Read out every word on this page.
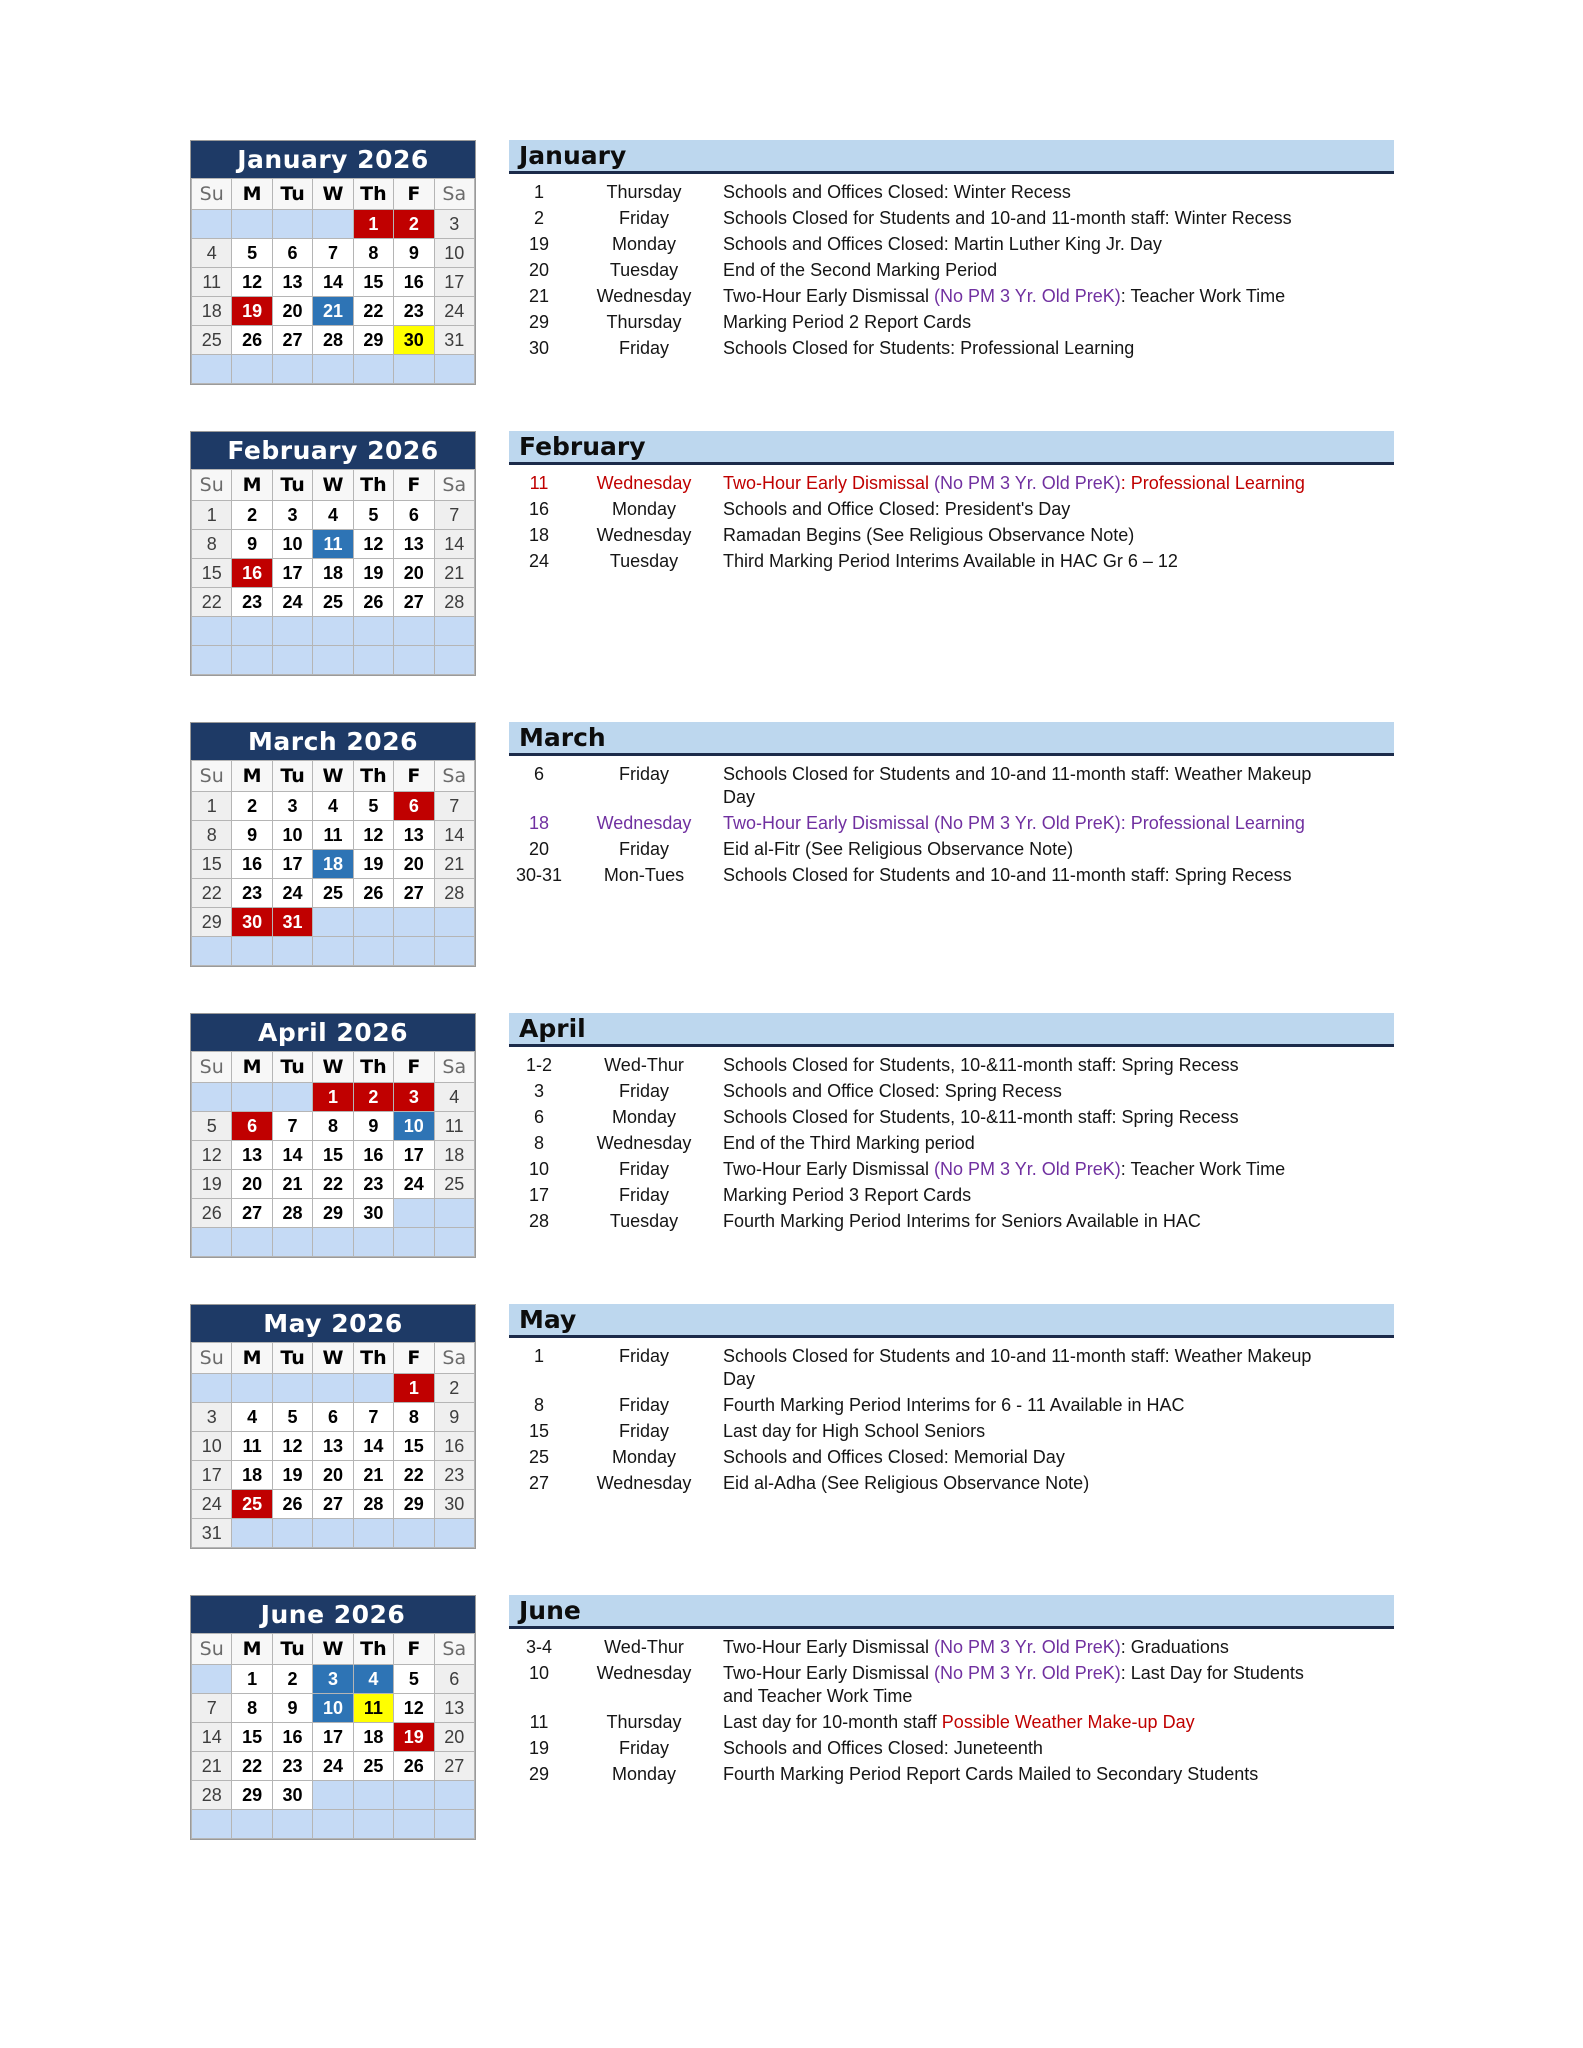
January 2026
Su	M	Tu	W	Th	F	Sa
				1	2	3
4	5	6	7	8	9	10
11	12	13	14	15	16	17
18	19	20	21	22	23	24
25	26	27	28	29	30	31

January
1	Thursday	Schools and Offices Closed: Winter Recess
2	Friday	Schools Closed for Students and 10-and 11-month staff: Winter Recess
19	Monday	Schools and Offices Closed: Martin Luther King Jr. Day
20	Tuesday	End of the Second Marking Period
21	Wednesday	Two-Hour Early Dismissal (No PM 3 Yr. Old PreK): Teacher Work Time
29	Thursday	Marking Period 2 Report Cards
30	Friday	Schools Closed for Students: Professional Learning
February 2026
Su	M	Tu	W	Th	F	Sa
1	2	3	4	5	6	7
8	9	10	11	12	13	14
15	16	17	18	19	20	21
22	23	24	25	26	27	28

February
11	Wednesday	Two-Hour Early Dismissal (No PM 3 Yr. Old PreK): Professional Learning
16	Monday	Schools and Office Closed: President's Day
18	Wednesday	Ramadan Begins (See Religious Observance Note)
24	Tuesday	Third Marking Period Interims Available in HAC Gr 6 – 12
March 2026
Su	M	Tu	W	Th	F	Sa
1	2	3	4	5	6	7
8	9	10	11	12	13	14
15	16	17	18	19	20	21
22	23	24	25	26	27	28
29	30	31				

March
6	Friday	Schools Closed for Students and 10-and 11-month staff: Weather Makeup Day
18	Wednesday	Two-Hour Early Dismissal (No PM 3 Yr. Old PreK): Professional Learning
20	Friday	Eid al-Fitr (See Religious Observance Note)
30-31	Mon-Tues	Schools Closed for Students and 10-and 11-month staff: Spring Recess
April 2026
Su	M	Tu	W	Th	F	Sa
			1	2	3	4
5	6	7	8	9	10	11
12	13	14	15	16	17	18
19	20	21	22	23	24	25
26	27	28	29	30		

April
1-2	Wed-Thur	Schools Closed for Students, 10-&11-month staff: Spring Recess
3	Friday	Schools and Office Closed: Spring Recess
6	Monday	Schools Closed for Students, 10-&11-month staff: Spring Recess
8	Wednesday	End of the Third Marking period
10	Friday	Two-Hour Early Dismissal (No PM 3 Yr. Old PreK): Teacher Work Time
17	Friday	Marking Period 3 Report Cards
28	Tuesday	Fourth Marking Period Interims for Seniors Available in HAC
May 2026
Su	M	Tu	W	Th	F	Sa
					1	2
3	4	5	6	7	8	9
10	11	12	13	14	15	16
17	18	19	20	21	22	23
24	25	26	27	28	29	30
31						
May
1	Friday	Schools Closed for Students and 10-and 11-month staff: Weather Makeup Day
8	Friday	Fourth Marking Period Interims for 6 - 11 Available in HAC
15	Friday	Last day for High School Seniors
25	Monday	Schools and Offices Closed: Memorial Day
27	Wednesday	Eid al-Adha (See Religious Observance Note)
June 2026
Su	M	Tu	W	Th	F	Sa
	1	2	3	4	5	6
7	8	9	10	11	12	13
14	15	16	17	18	19	20
21	22	23	24	25	26	27
28	29	30				

June
3-4	Wed-Thur	Two-Hour Early Dismissal (No PM 3 Yr. Old PreK): Graduations
10	Wednesday	Two-Hour Early Dismissal (No PM 3 Yr. Old PreK): Last Day for Students and Teacher Work Time
11	Thursday	Last day for 10-month staff Possible Weather Make-up Day
19	Friday	Schools and Offices Closed: Juneteenth
29	Monday	Fourth Marking Period Report Cards Mailed to Secondary Students
